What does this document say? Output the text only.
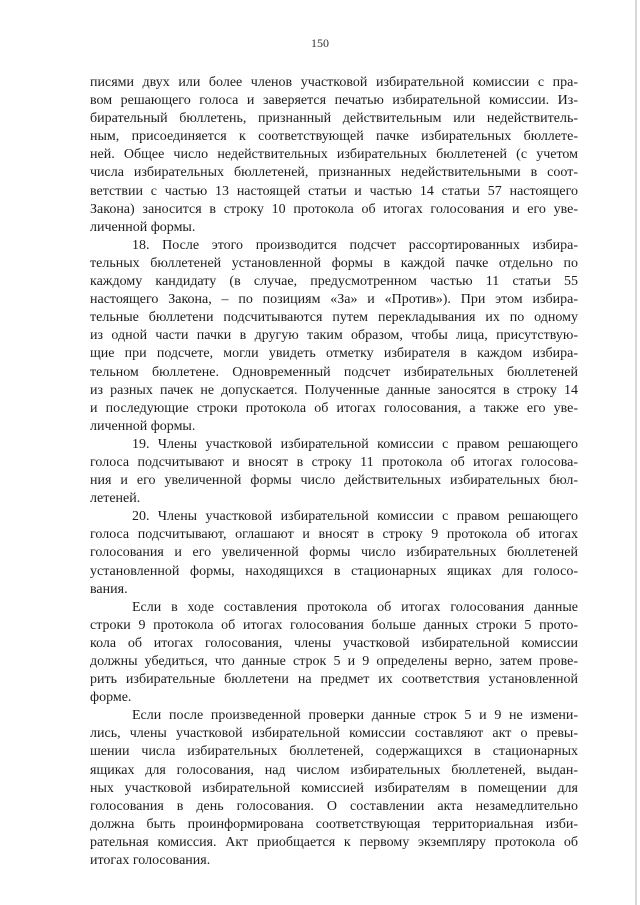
150
писями двух или более членов участковой избирательной комиссии с пра-
вом решающего голоса и заверяется печатью избирательной комиссии. Из-
бирательный бюллетень, признанный действительным или недействитель-
ным, присоединяется к соответствующей пачке избирательных бюллете-
ней. Общее число недействительных избирательных бюллетеней (с учетом
числа избирательных бюллетеней, признанных недействительными в соот-
ветствии с частью 13 настоящей статьи и частью 14 статьи 57 настоящего
Закона) заносится в строку 10 протокола об итогах голосования и его уве-
личенной формы.
18. После этого производится подсчет рассортированных избира-
тельных бюллетеней установленной формы в каждой пачке отдельно по
каждому кандидату (в случае, предусмотренном частью 11 статьи 55
настоящего Закона, – по позициям «За» и «Против»). При этом избира-
тельные бюллетени подсчитываются путем перекладывания их по одному
из одной части пачки в другую таким образом, чтобы лица, присутствую-
щие при подсчете, могли увидеть отметку избирателя в каждом избира-
тельном бюллетене. Одновременный подсчет избирательных бюллетеней
из разных пачек не допускается. Полученные данные заносятся в строку 14
и последующие строки протокола об итогах голосования, а также его уве-
личенной формы.
19. Члены участковой избирательной комиссии с правом решающего
голоса подсчитывают и вносят в строку 11 протокола об итогах голосова-
ния и его увеличенной формы число действительных избирательных бюл-
летеней.
20. Члены участковой избирательной комиссии с правом решающего
голоса подсчитывают, оглашают и вносят в строку 9 протокола об итогах
голосования и его увеличенной формы число избирательных бюллетеней
установленной формы, находящихся в стационарных ящиках для голосо-
вания.
Если в ходе составления протокола об итогах голосования данные
строки 9 протокола об итогах голосования больше данных строки 5 прото-
кола об итогах голосования, члены участковой избирательной комиссии
должны убедиться, что данные строк 5 и 9 определены верно, затем прове-
рить избирательные бюллетени на предмет их соответствия установленной
форме.
Если после произведенной проверки данные строк 5 и 9 не измени-
лись, члены участковой избирательной комиссии составляют акт о превы-
шении числа избирательных бюллетеней, содержащихся в стационарных
ящиках для голосования, над числом избирательных бюллетеней, выдан-
ных участковой избирательной комиссией избирателям в помещении для
голосования в день голосования. О составлении акта незамедлительно
должна быть проинформирована соответствующая территориальная изби-
рательная комиссия. Акт приобщается к первому экземпляру протокола об
итогах голосования.
